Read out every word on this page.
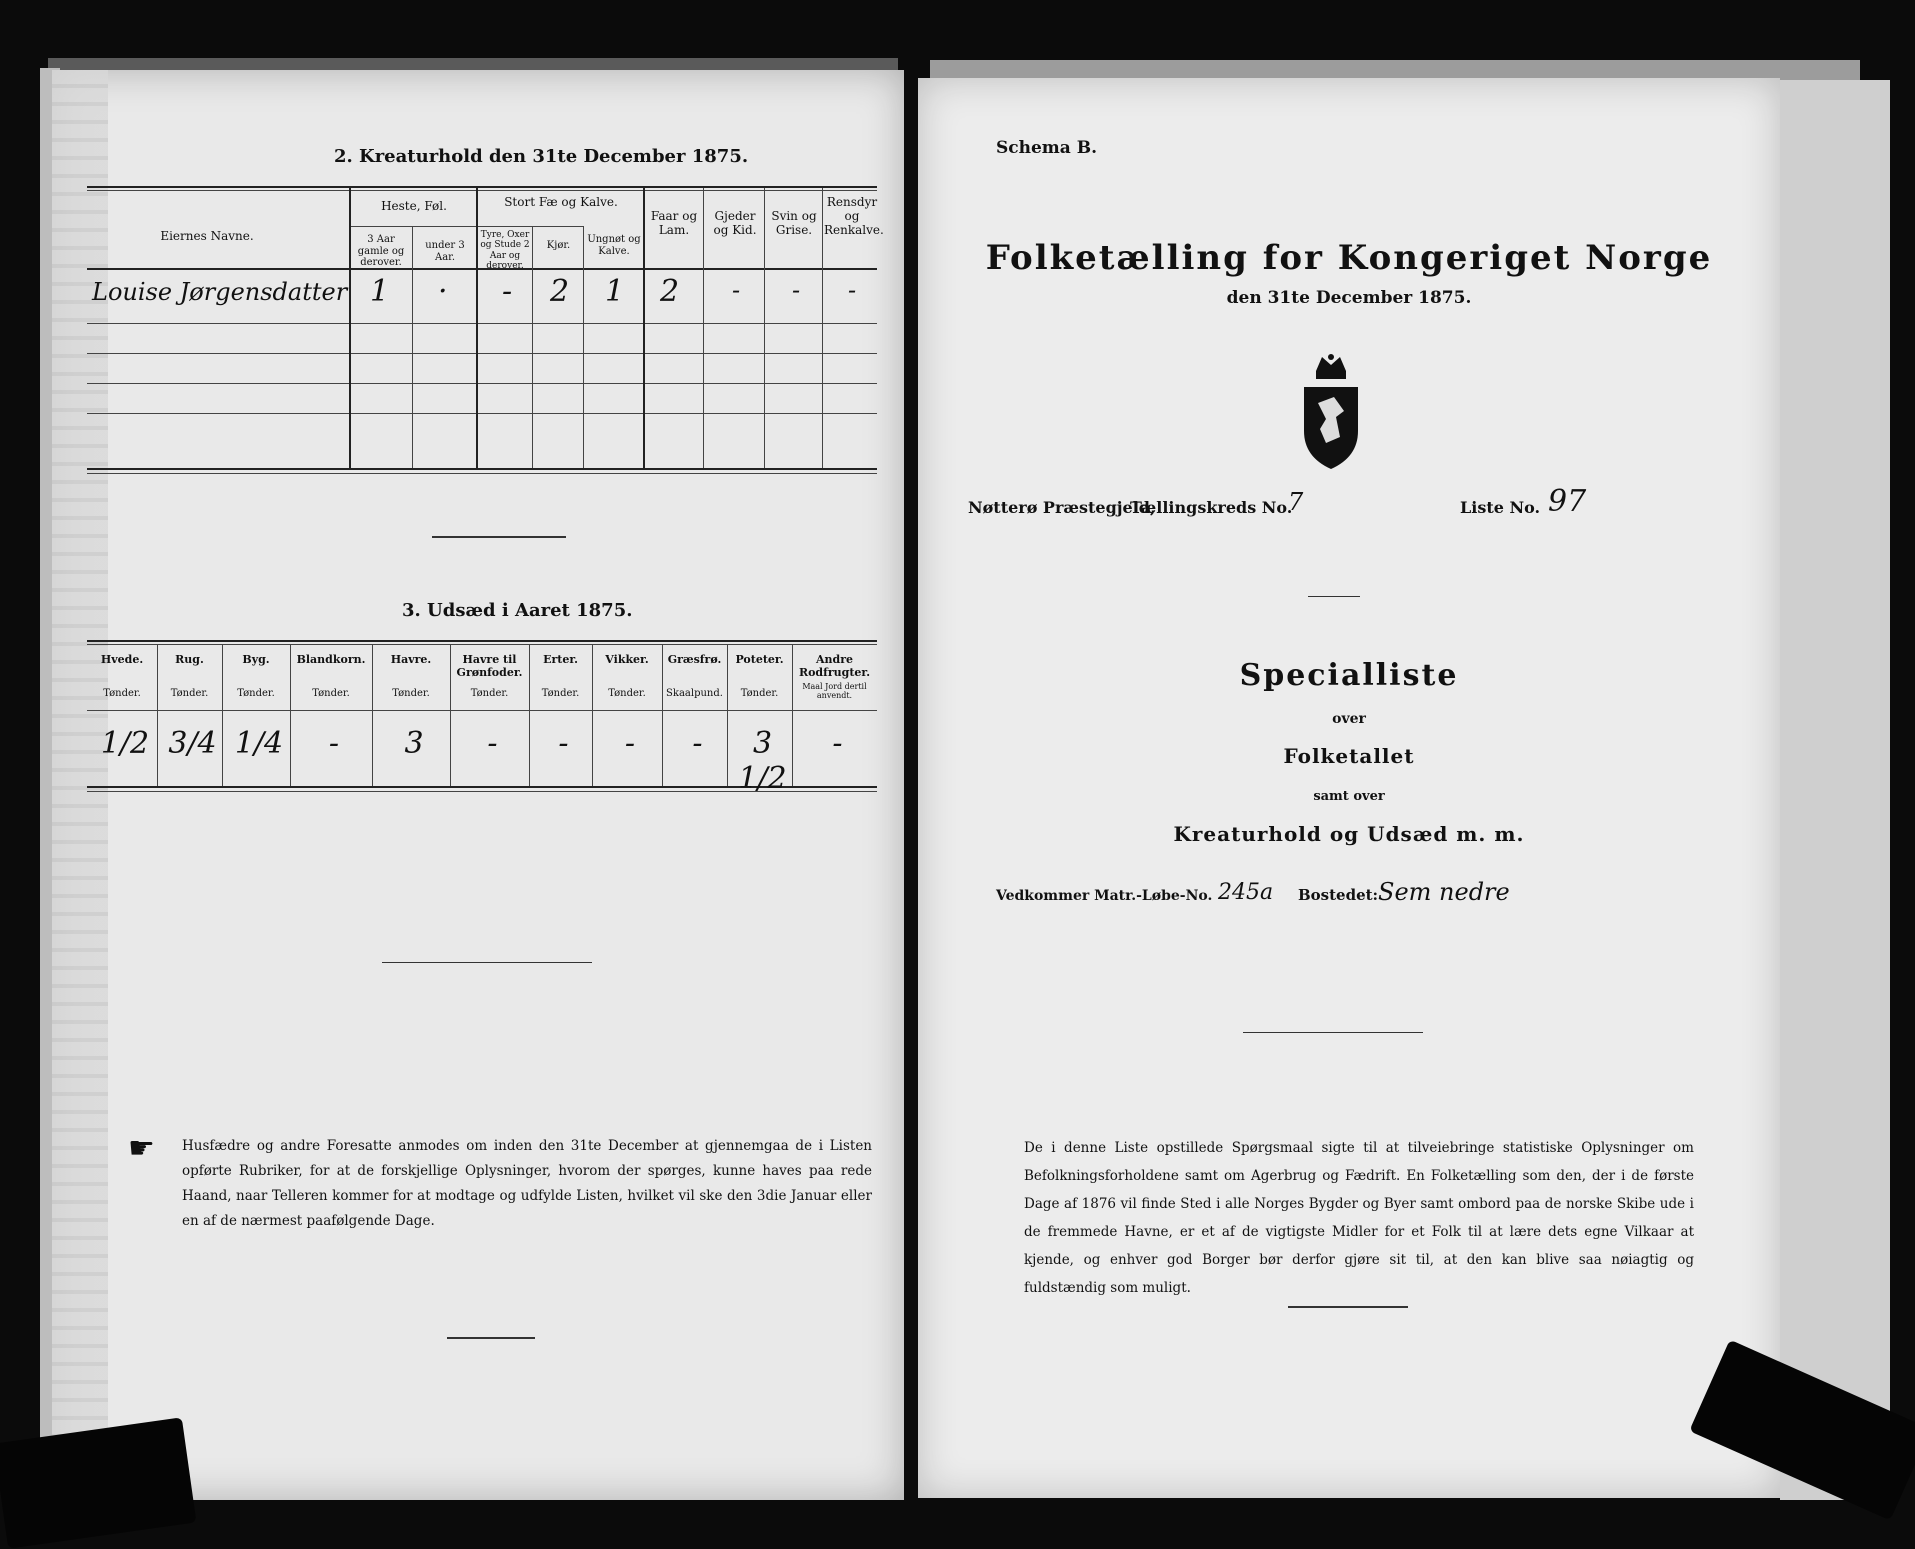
2. Kreaturhold den 31te December 1875.
Eiernes Navne.
Heste, Føl.	Stort Fæ og Kalve.
3 Aar gamle og derover.
under 3 Aar.
Tyre, Oxer og Stude 2 Aar og derover.
Kjør.
Ungnøt og Kalve.
Faar og Lam.
Gjeder og Kid.
Svin og Grise.
Rensdyr og Renkalve.
Louise Jørgensdatter 1 · - 2 1 2 - - -
3. Udsæd i Aaret 1875.
Hvede.
Tønder.
1/2
Rug.
Tønder.
3/4
Byg.
Tønder.
1/4
Blandkorn.
Tønder.
-
Havre.
Tønder.
3
Havre til Grønfoder.
Tønder.
-
Erter.
Tønder.
-
Vikker.
Tønder.
-
Græsfrø.
Skaalpund.
-
Poteter.
Tønder.
3 1/2
Andre Rodfrugter.
Maal Jord dertil anvendt.
-
☛ Husfædre og andre Foresatte anmodes om inden den 31te December at gjennemgaa de i Listen opførte Rubriker, for at de forskjellige Oplysninger, hvorom der spørges, kunne haves paa rede Haand, naar Telleren kommer for at modtage og udfylde Listen, hvilket vil ske den 3die Januar eller en af de nærmest paafølgende Dage.
Schema B.
Folketælling for Kongeriget Norge
den 31te December 1875.
Nøtterø Præstegjeld,
Tællingskreds No.
7	Liste No. 97
Specialliste
over
Folketallet
samt over
Kreaturhold og Udsæd m. m.
Vedkommer Matr.-Løbe-No. 245a Bostedet: Sem nedre
De i denne Liste opstillede Spørgsmaal sigte til at tilveiebringe statistiske Oplysninger om Befolkningsforholdene samt om Agerbrug og Fædrift. En Folketælling som den, der i de første Dage af 1876 vil finde Sted i alle Norges Bygder og Byer samt ombord paa de norske Skibe ude i de fremmede Havne, er et af de vigtigste Midler for et Folk til at lære dets egne Vilkaar at kjende, og enhver god Borger bør derfor gjøre sit til, at den kan blive saa nøiagtig og fuldstændig som muligt.
